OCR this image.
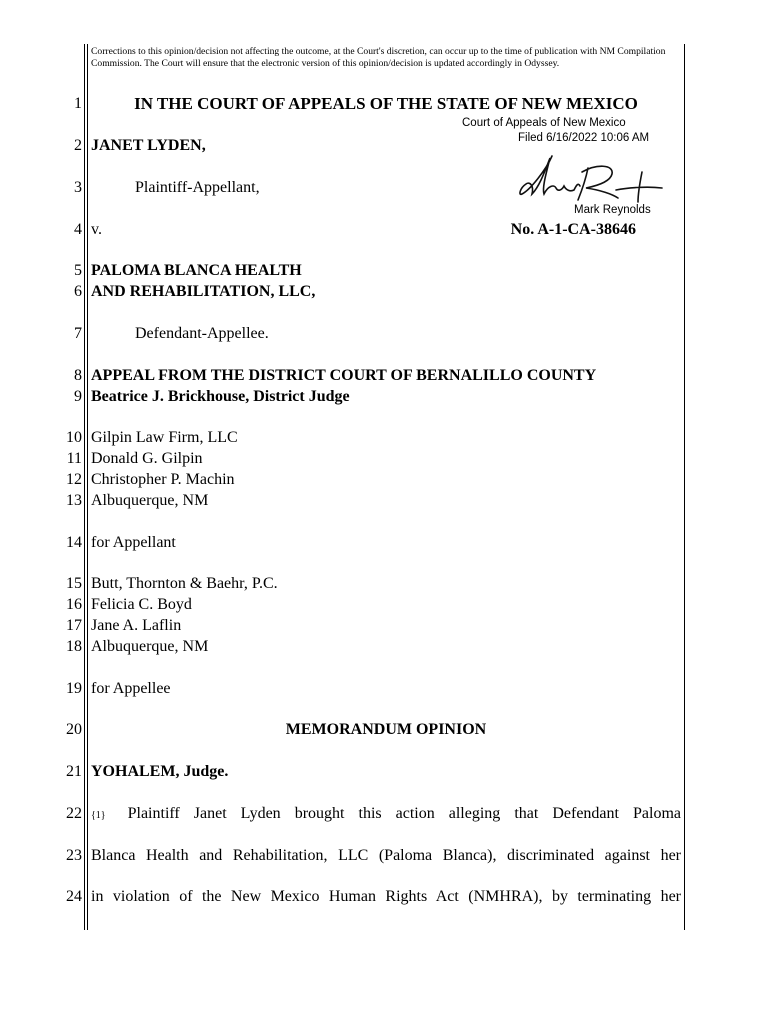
Corrections to this opinion/decision not affecting the outcome, at the Court's discretion, can occur up to the time of publication with NM Compilation Commission. The Court will ensure that the electronic version of this opinion/decision is updated accordingly in Odyssey.
1
2
3
4
5
6
7
8
9
10
11
12
13
14
15
16
17
18
19
20
21
22
23
24
IN THE COURT OF APPEALS OF THE STATE OF NEW MEXICO
Court of Appeals of New Mexico
Filed 6/16/2022 10:06 AM
Mark Reynolds
JANET LYDEN,
Plaintiff-Appellant,
v.	No. A-1-CA-38646
PALOMA BLANCA HEALTH
AND REHABILITATION, LLC,
Defendant-Appellee.
APPEAL FROM THE DISTRICT COURT OF BERNALILLO COUNTY
Beatrice J. Brickhouse, District Judge
Gilpin Law Firm, LLC
Donald G. Gilpin
Christopher P. Machin
Albuquerque, NM
for Appellant
Butt, Thornton & Baehr, P.C.
Felicia C. Boyd
Jane A. Laflin
Albuquerque, NM
for Appellee
MEMORANDUM OPINION
YOHALEM, Judge.
{1} Plaintiff Janet Lyden brought this action alleging that Defendant Paloma
Blanca Health and Rehabilitation, LLC (Paloma Blanca), discriminated against her
in violation of the New Mexico Human Rights Act (NMHRA), by terminating her
